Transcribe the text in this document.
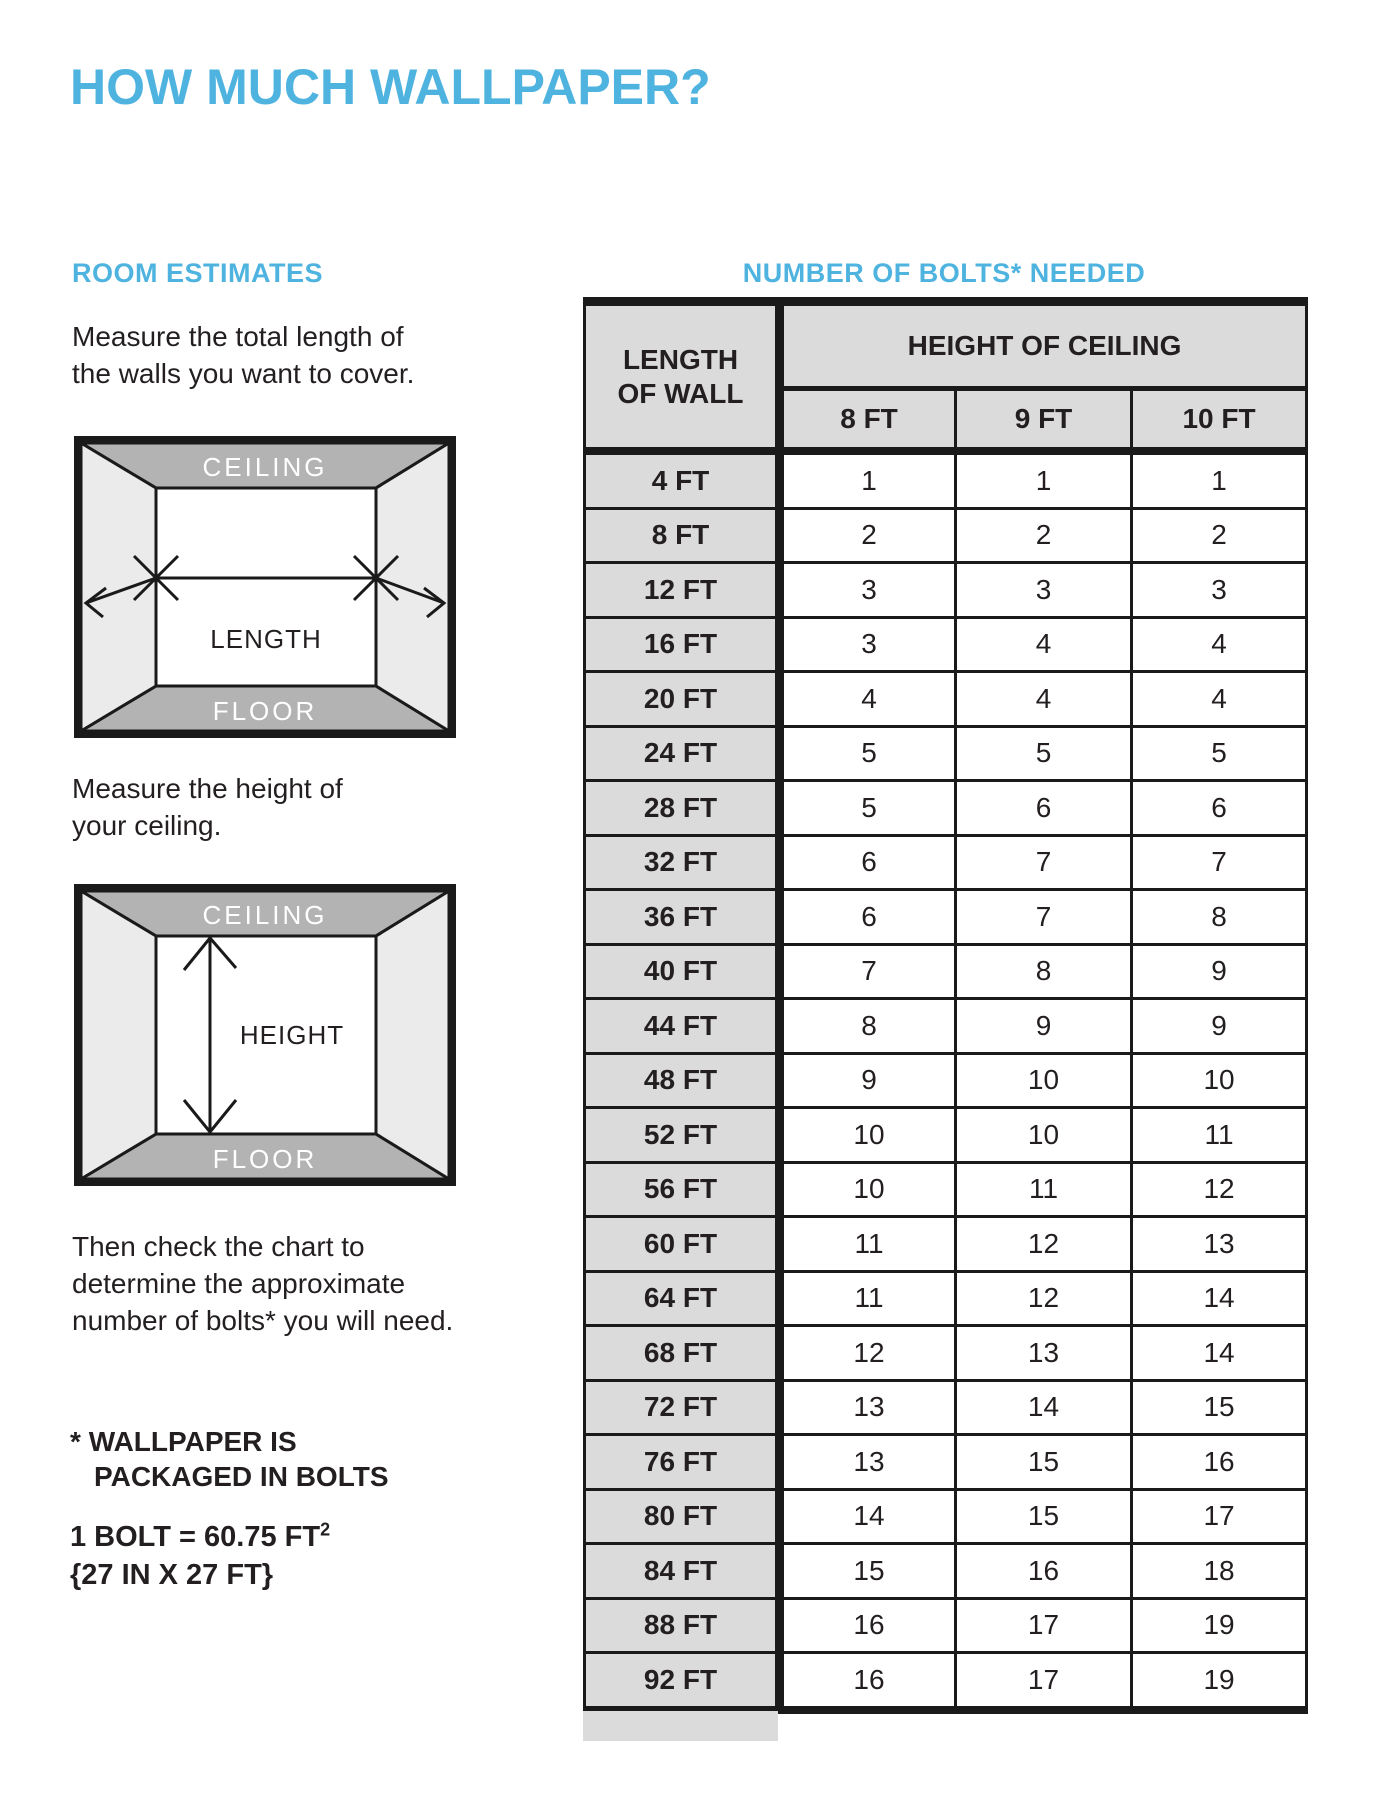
HOW MUCH WALLPAPER?
ROOM ESTIMATES

Measure the total length of
the walls you want to cover.

CEILING
FLOOR
LENGTH

Measure the height of
your ceiling.

CEILING
FLOOR
HEIGHT

Then check the chart to
determine the approximate
number of bolts* you will need.

* WALLPAPER IS
PACKAGED IN BOLTS

1 BOLT = 60.75 $FT^2$
{27 IN X 27 FT}

NUMBER OF BOLTS* NEEDED
LENGTH
OF WALL	HEIGHT OF CEILING		
	8 FT	9 FT	10 FT
4 FT	1	1	1
8 FT	2	2	2
12 FT	3	3	3
16 FT	3	4	4
20 FT	4	4	4
24 FT	5	5	5
28 FT	5	6	6
32 FT	6	7	7
36 FT	6	7	8
40 FT	7	8	9
44 FT	8	9	9
48 FT	9	10	10
52 FT	10	10	11
56 FT	10	11	12
60 FT	11	12	13
64 FT	11	12	14
68 FT	12	13	14
72 FT	13	14	15
76 FT	13	15	16
80 FT	14	15	17
84 FT	15	16	18
88 FT	16	17	19
92 FT	16	17	19
